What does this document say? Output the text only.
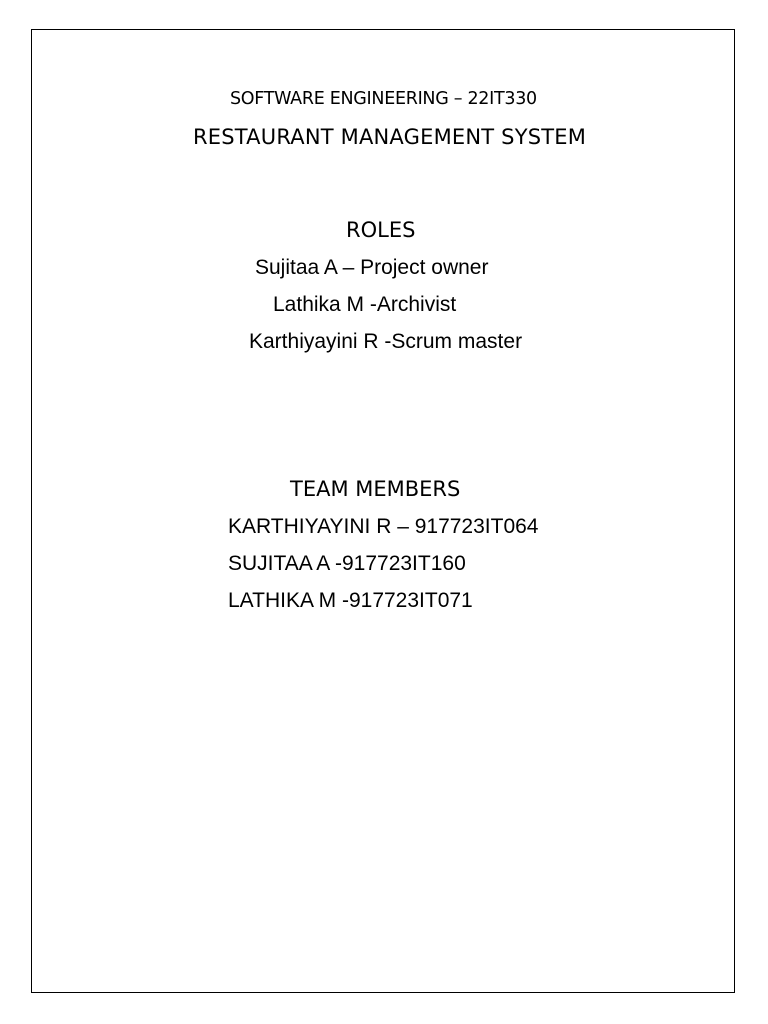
SOFTWARE ENGINEERING – 22IT330
RESTAURANT MANAGEMENT SYSTEM
ROLES
Sujitaa A – Project owner
Lathika M -Archivist
Karthiyayini R -Scrum master
TEAM MEMBERS
KARTHIYAYINI R – 917723IT064
SUJITAA A -917723IT160
LATHIKA M -917723IT071
